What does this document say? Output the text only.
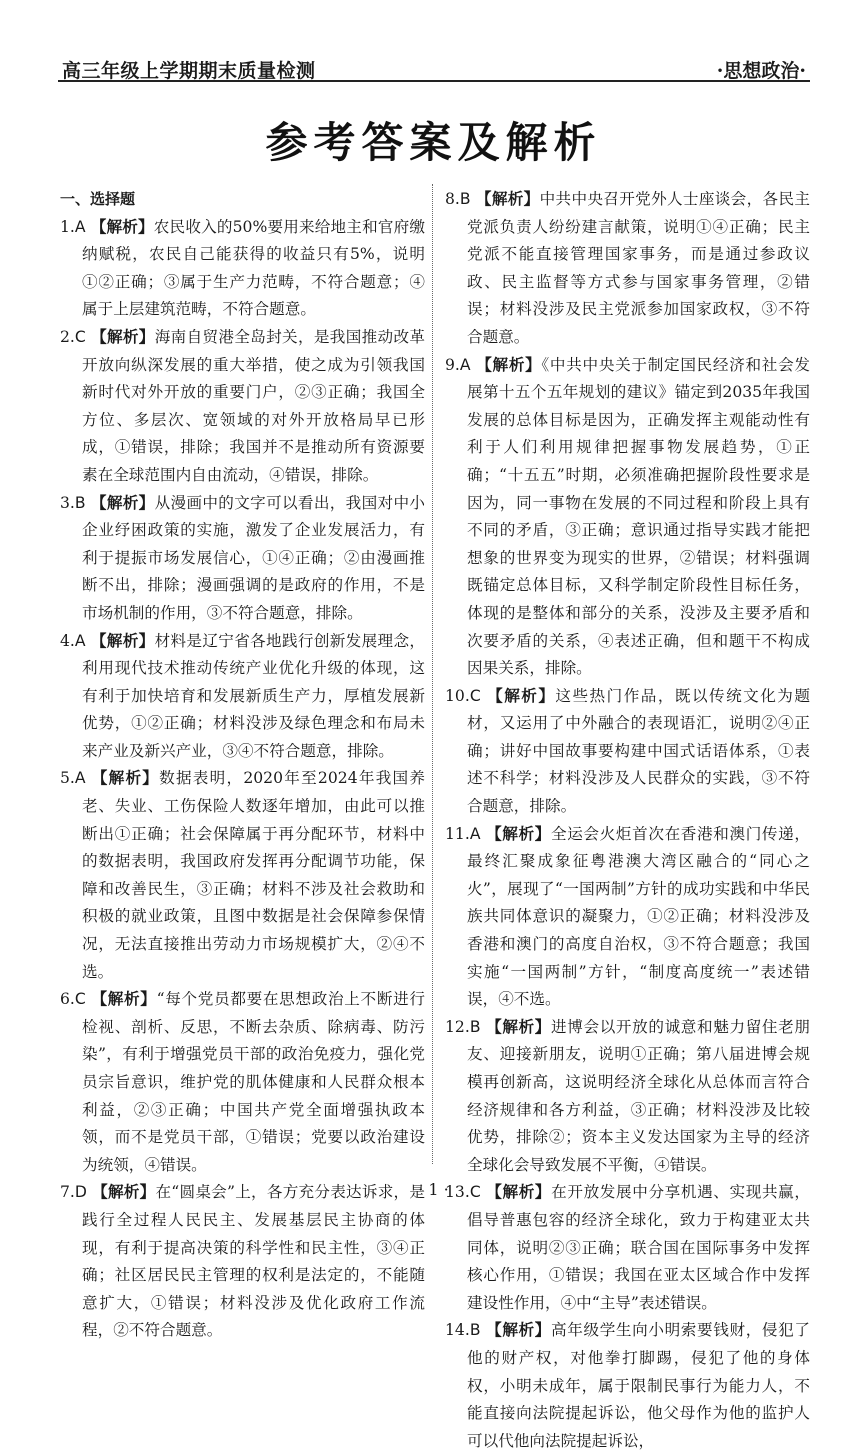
高三年级上学期期末质量检测	·思想政治·
参考答案及解析
一、选择题

1.A 【解析】农民收入的50%要用来给地主和官府缴纳赋税，农民自己能获得的收益只有5%，说明①②正确；③属于生产力范畴，不符合题意；④属于上层建筑范畴，不符合题意。

2.C 【解析】海南自贸港全岛封关，是我国推动改革开放向纵深发展的重大举措，使之成为引领我国新时代对外开放的重要门户，②③正确；我国全方位、多层次、宽领域的对外开放格局早已形成，①错误，排除；我国并不是推动所有资源要素在全球范围内自由流动，④错误，排除。

3.B 【解析】从漫画中的文字可以看出，我国对中小企业纾困政策的实施，激发了企业发展活力，有利于提振市场发展信心，①④正确；②由漫画推断不出，排除；漫画强调的是政府的作用，不是市场机制的作用，③不符合题意，排除。

4.A 【解析】材料是辽宁省各地践行创新发展理念，利用现代技术推动传统产业优化升级的体现，这有利于加快培育和发展新质生产力，厚植发展新优势，①②正确；材料没涉及绿色理念和布局未来产业及新兴产业，③④不符合题意，排除。

5.A 【解析】数据表明，2020年至2024年我国养老、失业、工伤保险人数逐年增加，由此可以推断出①正确；社会保障属于再分配环节，材料中的数据表明，我国政府发挥再分配调节功能，保障和改善民生，③正确；材料不涉及社会救助和积极的就业政策，且图中数据是社会保障参保情况，无法直接推出劳动力市场规模扩大，②④不选。

6.C 【解析】“每个党员都要在思想政治上不断进行检视、剖析、反思，不断去杂质、除病毒、防污染”，有利于增强党员干部的政治免疫力，强化党员宗旨意识，维护党的肌体健康和人民群众根本利益，②③正确；中国共产党全面增强执政本领，而不是党员干部，①错误；党要以政治建设为统领，④错误。

7.D 【解析】在“圆桌会”上，各方充分表达诉求，是践行全过程人民民主、发展基层民主协商的体现，有利于提高决策的科学性和民主性，③④正确；社区居民民主管理的权利是法定的，不能随意扩大，①错误；材料没涉及优化政府工作流程，②不符合题意。

8.B 【解析】中共中央召开党外人士座谈会，各民主党派负责人纷纷建言献策，说明①④正确；民主党派不能直接管理国家事务，而是通过参政议政、民主监督等方式参与国家事务管理，②错误；材料没涉及民主党派参加国家政权，③不符合题意。

9.A 【解析】《中共中央关于制定国民经济和社会发展第十五个五年规划的建议》锚定到2035年我国发展的总体目标是因为，正确发挥主观能动性有利于人们利用规律把握事物发展趋势，①正确；“十五五”时期，必须准确把握阶段性要求是因为，同一事物在发展的不同过程和阶段上具有不同的矛盾，③正确；意识通过指导实践才能把想象的世界变为现实的世界，②错误；材料强调既锚定总体目标，又科学制定阶段性目标任务，体现的是整体和部分的关系，没涉及主要矛盾和次要矛盾的关系，④表述正确，但和题干不构成因果关系，排除。

10.C 【解析】这些热门作品，既以传统文化为题材，又运用了中外融合的表现语汇，说明②④正确；讲好中国故事要构建中国式话语体系，①表述不科学；材料没涉及人民群众的实践，③不符合题意，排除。

11.A 【解析】全运会火炬首次在香港和澳门传递，最终汇聚成象征粤港澳大湾区融合的“同心之火”，展现了“一国两制”方针的成功实践和中华民族共同体意识的凝聚力，①②正确；材料没涉及香港和澳门的高度自治权，③不符合题意；我国实施“一国两制”方针，“制度高度统一”表述错误，④不选。

12.B 【解析】进博会以开放的诚意和魅力留住老朋友、迎接新朋友，说明①正确；第八届进博会规模再创新高，这说明经济全球化从总体而言符合经济规律和各方利益，③正确；材料没涉及比较优势，排除②；资本主义发达国家为主导的经济全球化会导致发展不平衡，④错误。

13.C 【解析】在开放发展中分享机遇、实现共赢，倡导普惠包容的经济全球化，致力于构建亚太共同体，说明②③正确；联合国在国际事务中发挥核心作用，①错误；我国在亚太区域合作中发挥建设性作用，④中“主导”表述错误。

14.B 【解析】高年级学生向小明索要钱财，侵犯了他的财产权，对他拳打脚踢，侵犯了他的身体权，小明未成年，属于限制民事行为能力人，不能直接向法院提起诉讼，他父母作为他的监护人可以代他向法院提起诉讼，

· 1 ·
